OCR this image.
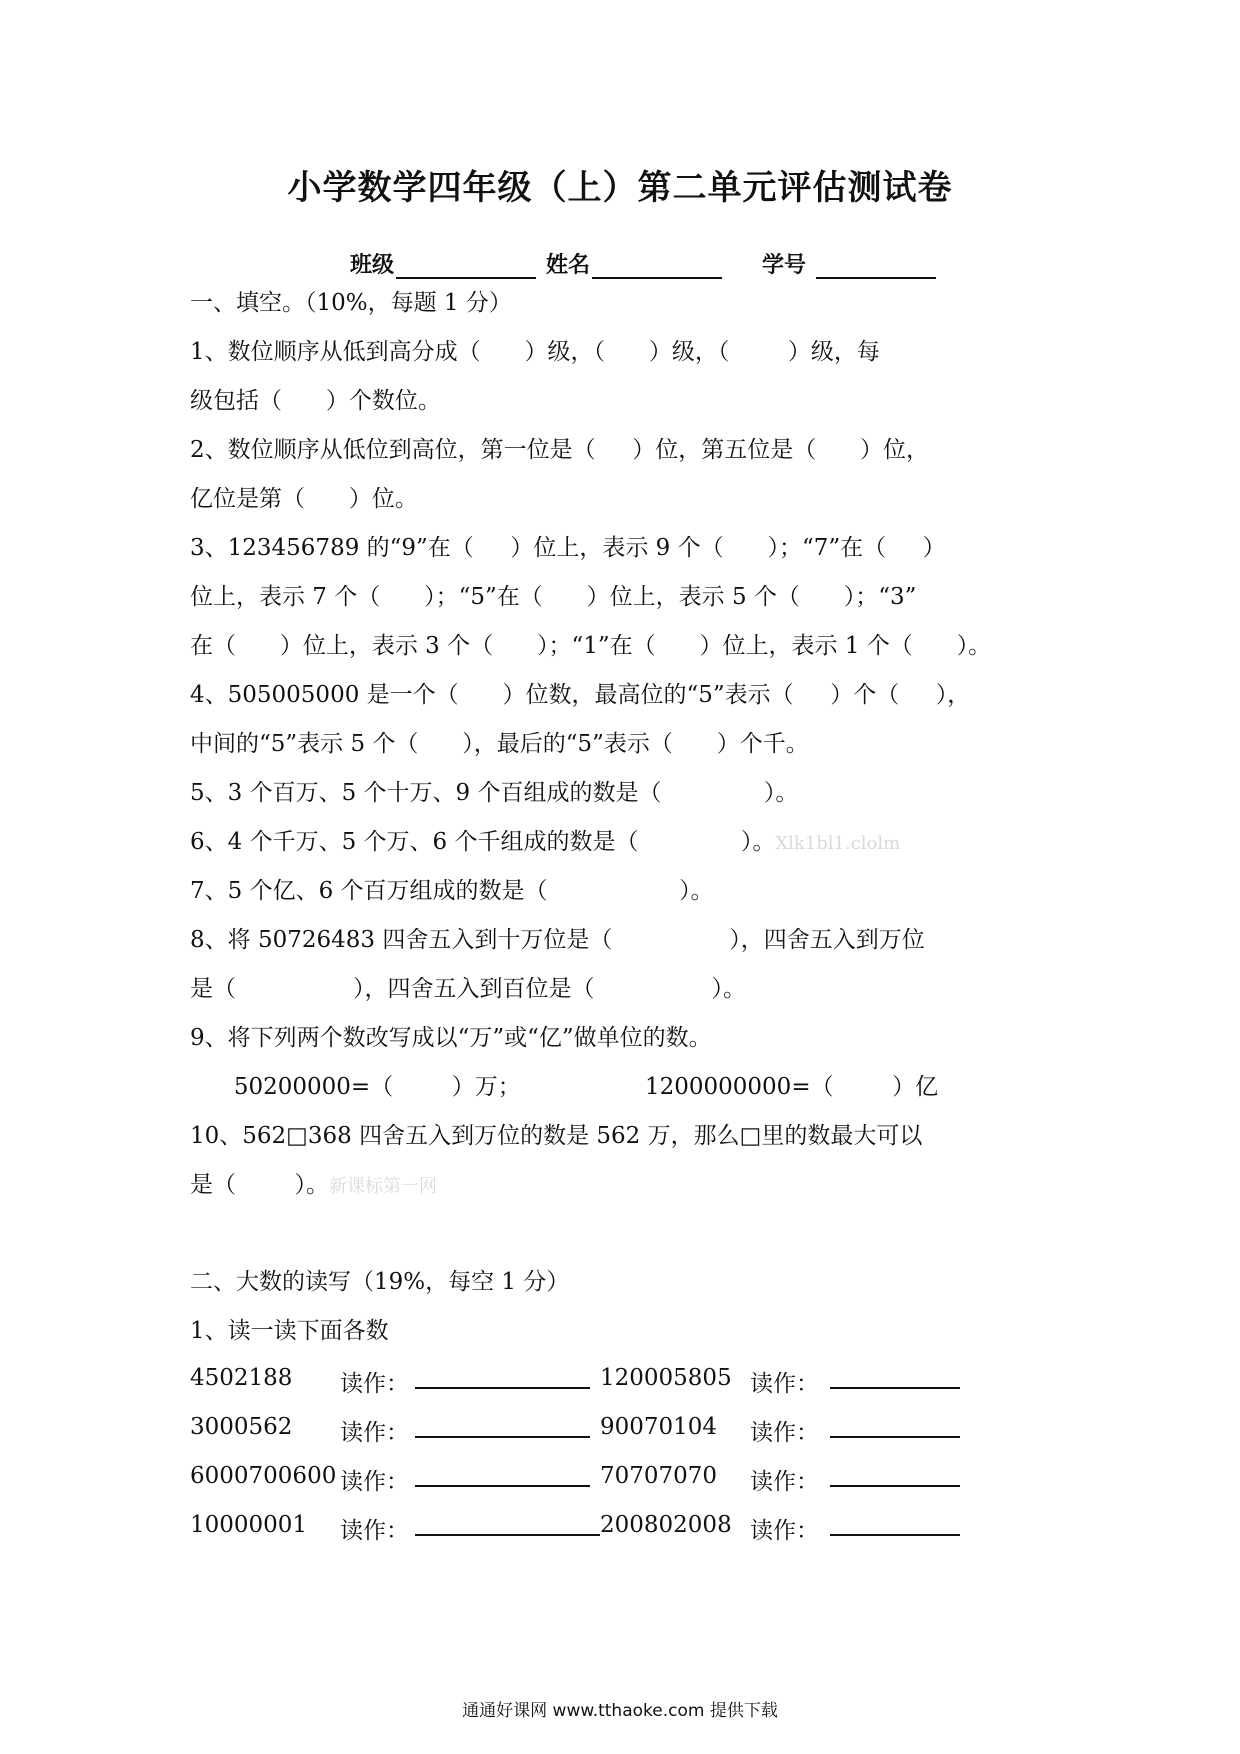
小学数学四年级（上）第二单元评估测试卷
班级	姓名	学号
一、填空。（10%，每题 1 分）
1、数位顺序从低到高分成（      ）级，（      ）级，（        ）级，每
级包括（      ）个数位。
2、数位顺序从低位到高位，第一位是（     ）位，第五位是（      ）位，
亿位是第（      ）位。
3、123456789 的“9”在（     ）位上，表示 9 个（      ）；“7”在（     ）
位上，表示 7 个（      ）；“5”在（      ）位上，表示 5 个（      ）；“3”
在（      ）位上，表示 3 个（      ）；“1”在（      ）位上，表示 1 个（      ）。
4、505005000 是一个（      ）位数，最高位的“5”表示（     ）个（     ），
中间的“5”表示 5 个（      ），最后的“5”表示（      ）个千。
5、3 个百万、5 个十万、9 个百组成的数是（              ）。
6、4 个千万、5 个万、6 个千组成的数是（              ）。Xlk1bl1.clolm
7、5 个亿、6 个百万组成的数是（                  ）。
8、将 50726483 四舍五入到十万位是（                ），四舍五入到万位
是（                ），四舍五入到百位是（                ）。
9、将下列两个数改写成以“万”或“亿”做单位的数。
50200000=（        ）万；                 1200000000=（        ）亿
10、562□368 四舍五入到万位的数是 562 万，那么□里的数最大可以
是（        ）。新课标第一网
二、大数的读写（19%，每空 1 分）
1、读一读下面各数
4502188 读作：	120005805 读作：
3000562 读作：	90070104 读作：
6000700600 读作：	70707070 读作：
10000001 读作：	200802008 读作：
通通好课网 www.tthaoke.com 提供下载
